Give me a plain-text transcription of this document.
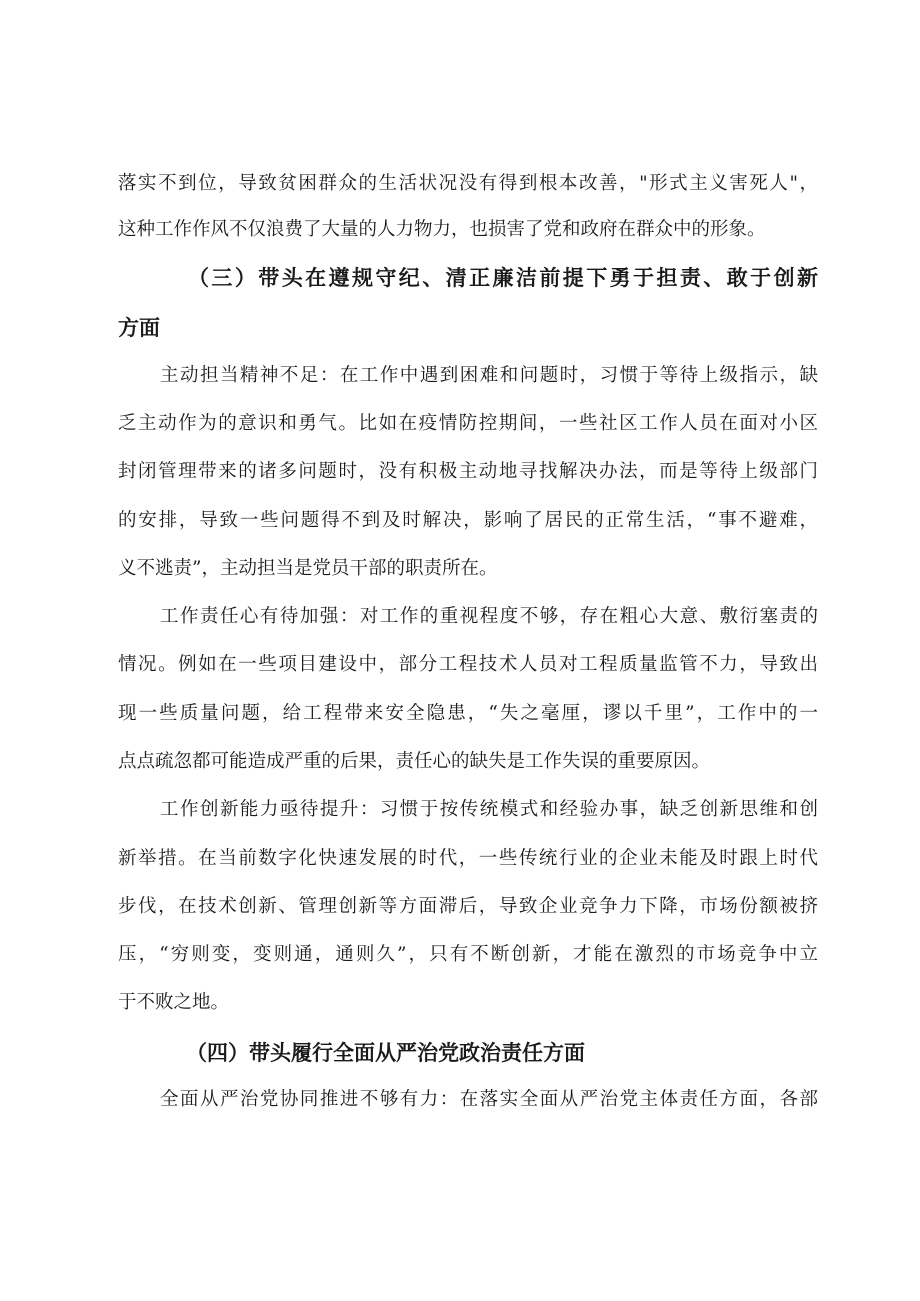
落实不到位，导致贫困群众的生活状况没有得到根本改善，"形式主义害死人"，
这种工作作风不仅浪费了大量的人力物力，也损害了党和政府在群众中的形象。
（三）带头在遵规守纪、清正廉洁前提下勇于担责、敢于创新
方面
主动担当精神不足：在工作中遇到困难和问题时，习惯于等待上级指示，缺
乏主动作为的意识和勇气。比如在疫情防控期间，一些社区工作人员在面对小区
封闭管理带来的诸多问题时，没有积极主动地寻找解决办法，而是等待上级部门
的安排，导致一些问题得不到及时解决，影响了居民的正常生活，“事不避难，
义不逃责”，主动担当是党员干部的职责所在。
工作责任心有待加强：对工作的重视程度不够，存在粗心大意、敷衍塞责的
情况。例如在一些项目建设中，部分工程技术人员对工程质量监管不力，导致出
现一些质量问题，给工程带来安全隐患，“失之毫厘，谬以千里”，工作中的一
点点疏忽都可能造成严重的后果，责任心的缺失是工作失误的重要原因。
工作创新能力亟待提升：习惯于按传统模式和经验办事，缺乏创新思维和创
新举措。在当前数字化快速发展的时代，一些传统行业的企业未能及时跟上时代
步伐，在技术创新、管理创新等方面滞后，导致企业竞争力下降，市场份额被挤
压，“穷则变，变则通，通则久”，只有不断创新，才能在激烈的市场竞争中立
于不败之地。
（四）带头履行全面从严治党政治责任方面
全面从严治党协同推进不够有力：在落实全面从严治党主体责任方面，各部
